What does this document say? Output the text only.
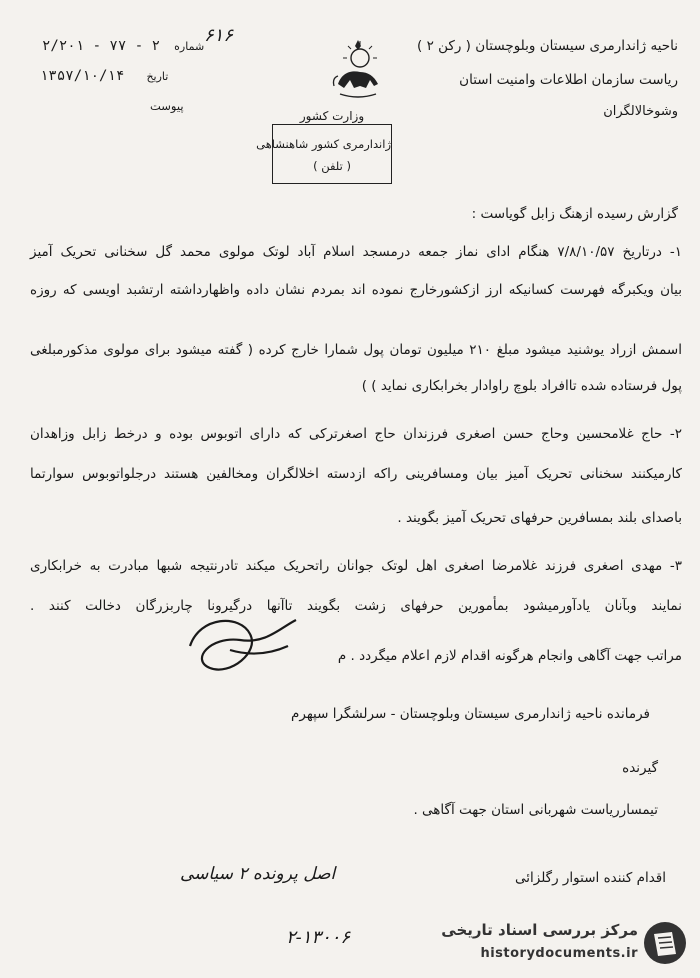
ناحیه ژاندارمری سیستان وبلوچستان ( رکن ۲ )
ریاست سازمان اطلاعات وامنیت استان
وشوخالالگران
۲/۲۰۱ - ۷۷ - ۲ شماره
۶۱۶
۱۳۵۷/۱۰/۱۴ تاریخ
پیوست
وزارت کشور
ژاندارمری کشور شاهنشاهی
( تلفن )
گزارش رسیده ازهنگ زابل گویاست :
۱- درتاریخ ۷/۸/۱۰/۵۷ هنگام ادای نماز جمعه درمسجد اسلام آباد لوتک مولوی محمد گل سخنانی تحریک آمیز
بیان ویکبرگه فهرست کسانیکه ارز ازکشورخارج نموده اند بمردم نشان داده واظهارداشته ارتشبد اویسی که روزه
اسمش ازراد یوشنید میشود مبلغ ۲۱۰ میلیون تومان پول شمارا خارج کرده ( گفته میشود برای مولوی مذکورمبلغی
پول فرستاده شده تاافراد بلوچ راوادار بخرابکاری نماید ) )
۲- حاج غلامحسین وحاج حسن اصغری فرزندان حاج اصغرترکی که دارای اتوبوس بوده و درخط زابل وزاهدان
کارمیکنند سخنانی تحریک آمیز بیان ومسافرینی راکه ازدسته اخلالگران ومخالفین هستند درجلواتوبوس سوارتما
باصدای بلند بمسافرین حرفهای تحریک آمیز بگویند .
۳- مهدی اصغری فرزند غلامرضا اصغری اهل لوتک جوانان راتحریک میکند تادرنتیجه شبها مبادرت به خرابکاری
نمایند وبآنان یادآورمیشود بمأمورین حرفهای زشت بگویند تاآنها درگیرونا چاربزرگان دخالت کنند .
مراتب جهت آگاهی وانجام هرگونه اقدام لازم اعلام میگردد . م
فرمانده ناحیه ژاندارمری سیستان وبلوچستان - سرلشگرا سپهرم
گیرنده
تیمسارریاست شهربانی استان جهت آگاهی .
اقدام کننده استوار رگلزائی
اصل پرونده ۲ سیاسی
۲-۱۳۰۰۶	مرکز بررسی اسناد تاریخی
historydocuments.ir
